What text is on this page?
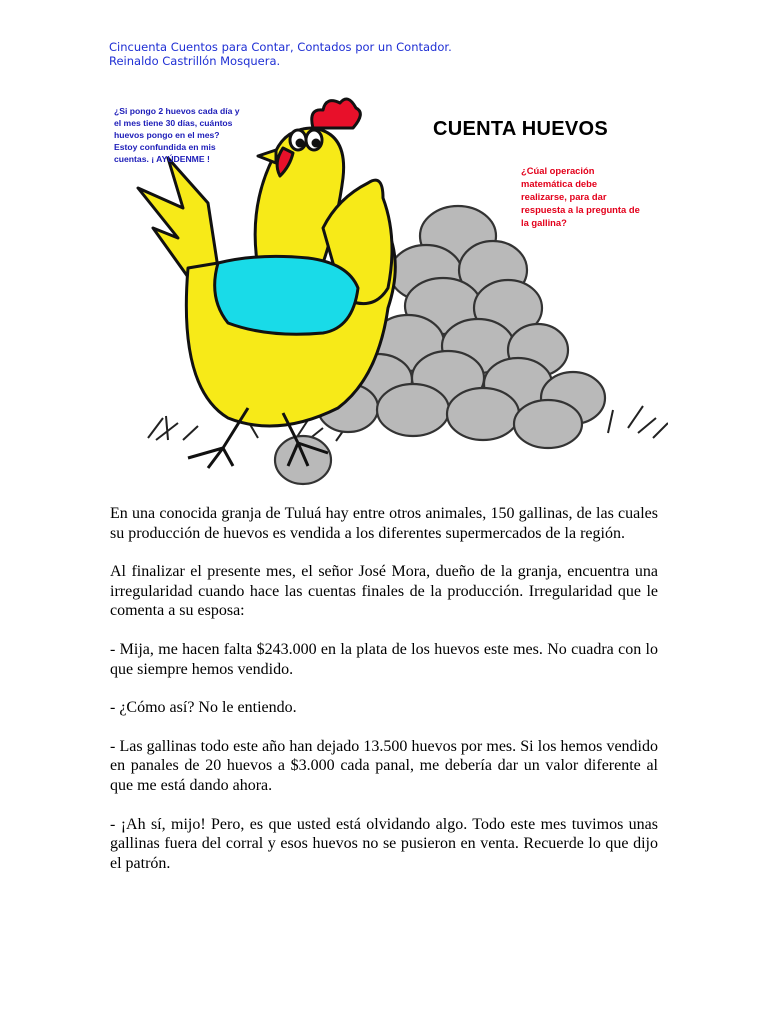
Cincuenta Cuentos para Contar, Contados por un Contador.
Reinaldo Castrillón Mosquera.
CUENTA HUEVOS
¿Si pongo 2 huevos cada día y
el mes tiene 30 días, cuántos
huevos pongo en el mes?
Estoy confundida en mis
cuentas. ¡ AYÚDENME !
¿Cúal operación
matemática debe
realizarse, para dar
respuesta a la pregunta de
la gallina?

En una conocida granja de Tuluá hay entre otros animales, 150 gallinas, de las cuales su producción de huevos es vendida a los diferentes supermercados de la región.

Al finalizar el presente mes, el señor José Mora, dueño de la granja, encuentra una irregularidad cuando hace las cuentas finales de la producción. Irregularidad que le comenta a su esposa:

- Mija, me hacen falta $243.000 en la plata de los huevos este mes. No cuadra con lo que siempre hemos vendido.

- ¿Cómo así? No le entiendo.

- Las gallinas todo este año han dejado 13.500 huevos por mes. Si los hemos vendido en panales de 20 huevos a $3.000 cada panal, me debería dar un valor diferente al que me está dando ahora.

- ¡Ah sí, mijo! Pero, es que usted está olvidando algo. Todo este mes tuvimos unas gallinas fuera del corral y esos huevos no se pusieron en venta. Recuerde lo que dijo el patrón.
